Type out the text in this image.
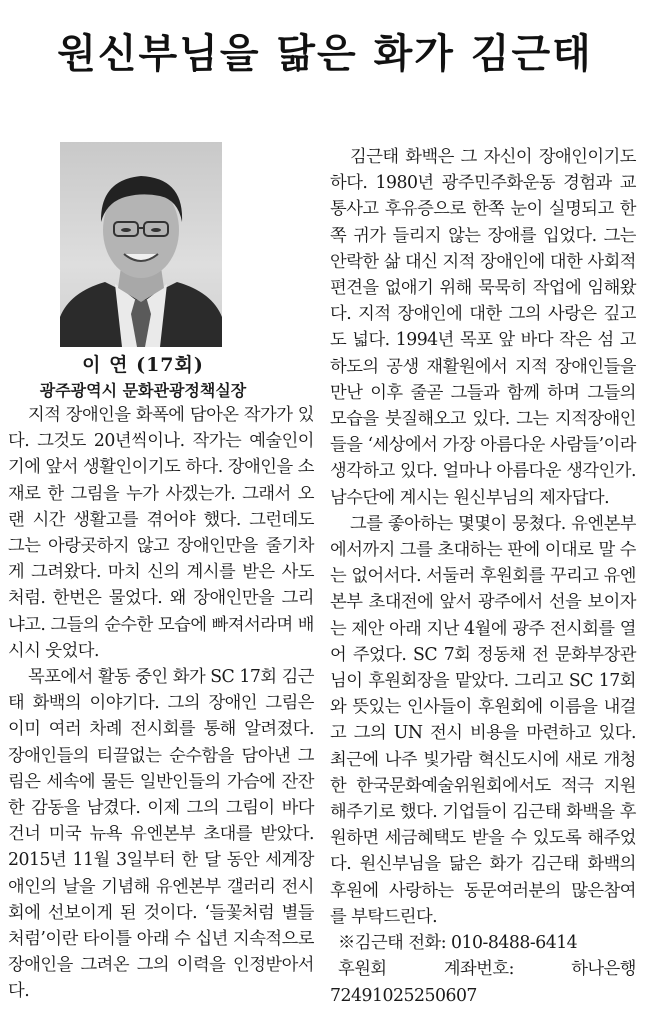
원신부님을 닮은 화가 김근태
이 연 (17회)
광주광역시 문화관광정책실장

지적 장애인을 화폭에 담아온 작가가 있다. 그것도 20년씩이나. 작가는 예술인이기에 앞서 생활인이기도 하다. 장애인을 소재로 한 그림을 누가 사겠는가. 그래서 오랜 시간 생활고를 겪어야 했다. 그런데도 그는 아랑곳하지 않고 장애인만을 줄기차게 그려왔다. 마치 신의 계시를 받은 사도처럼. 한번은 물었다. 왜 장애인만을 그리냐고. 그들의 순수한 모습에 빠져서라며 배시시 웃었다.

목포에서 활동 중인 화가 SC 17회 김근태 화백의 이야기다. 그의 장애인 그림은 이미 여러 차례 전시회를 통해 알려졌다. 장애인들의 티끌없는 순수함을 담아낸 그림은 세속에 물든 일반인들의 가슴에 잔잔한 감동을 남겼다. 이제 그의 그림이 바다 건너 미국 뉴욕 유엔본부 초대를 받았다. 2015년 11월 3일부터 한 달 동안 세계장애인의 날을 기념해 유엔본부 갤러리 전시회에 선보이게 된 것이다. ‘들꽃처럼 별들처럼’이란 타이틀 아래 수 십년 지속적으로 장애인을 그려온 그의 이력을 인정받아서다.

김근태 화백은 그 자신이 장애인이기도 하다. 1980년 광주민주화운동 경험과 교통사고 후유증으로 한쪽 눈이 실명되고 한쪽 귀가 들리지 않는 장애를 입었다. 그는 안락한 삶 대신 지적 장애인에 대한 사회적 편견을 없애기 위해 묵묵히 작업에 임해왔다. 지적 장애인에 대한 그의 사랑은 깊고도 넓다. 1994년 목포 앞 바다 작은 섬 고하도의 공생 재활원에서 지적 장애인들을 만난 이후 줄곧 그들과 함께 하며 그들의 모습을 붓질해오고 있다. 그는 지적장애인들을 ‘세상에서 가장 아름다운 사람들’이라 생각하고 있다. 얼마나 아름다운 생각인가. 남수단에 계시는 원신부님의 제자답다.

그를 좋아하는 몇몇이 뭉쳤다. 유엔본부에서까지 그를 초대하는 판에 이대로 말 수는 없어서다. 서둘러 후원회를 꾸리고 유엔본부 초대전에 앞서 광주에서 선을 보이자는 제안 아래 지난 4월에 광주 전시회를 열어 주었다. SC 7회 정동채 전 문화부장관님이 후원회장을 맡았다. 그리고 SC 17회와 뜻있는 인사들이 후원회에 이름을 내걸고 그의 UN 전시 비용을 마련하고 있다. 최근에 나주 빛가람 혁신도시에 새로 개청한 한국문화예술위원회에서도 적극 지원해주기로 했다. 기업들이 김근태 화백을 후원하면 세금혜택도 받을 수 있도록 해주었다. 원신부님을 닮은 화가 김근태 화백의 후원에 사랑하는 동문여러분의 많은참여를 부탁드린다.

※김근태 전화: 010-8488-6414

후원회 계좌번호: 하나은행 7249102525060​7
